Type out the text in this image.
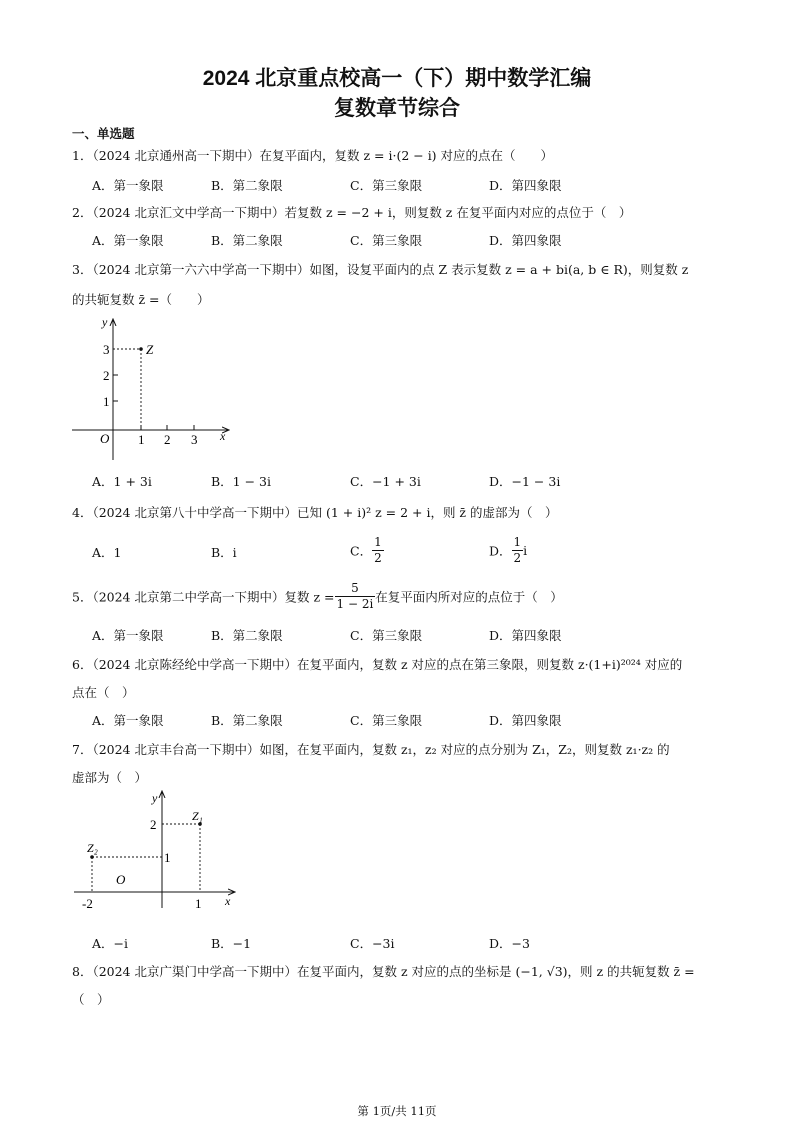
2024 北京重点校高一（下）期中数学汇编
复数章节综合
一、单选题
1．（2024 北京通州高一下期中）在复平面内，复数 z = i·(2 − i) 对应的点在（　　）
A．第一象限	B．第二象限	C．第三象限	D．第四象限
2．（2024 北京汇文中学高一下期中）若复数 z = −2 + i，则复数 z 在复平面内对应的点位于（　）
A．第一象限	B．第二象限	C．第三象限	D．第四象限
3．（2024 北京第一六六中学高一下期中）如图，设复平面内的点 Z 表示复数 z = a + bi(a, b ∈ R)，则复数 z
的共轭复数 z̄ =（　　）
y
x
O 1 2 3
1
2
3	Z
A．1 + 3i	B．1 − 3i	C．−1 + 3i	D．−1 − 3i
4．（2024 北京第八十中学高一下期中）已知 (1 + i)² z = 2 + i，则 z̄ 的虚部为（　）
A．1	B．i	C． $\frac{1}{2}$	D． $\frac{1}{2}$ i
5．（2024 北京第二中学高一下期中）复数 $z = \frac{5}{1 - 2i}$ 在复平面内所对应的点位于（　）
A．第一象限	B．第二象限	C．第三象限	D．第四象限
6．（2024 北京陈经纶中学高一下期中）在复平面内，复数 z 对应的点在第三象限，则复数 z·(1+i)²⁰²⁴ 对应的
点在（　）
A．第一象限	B．第二象限	C．第三象限	D．第四象限
7．（2024 北京丰台高一下期中）如图，在复平面内，复数 z₁，z₂ 对应的点分别为 Z₁，Z₂，则复数 z₁·z₂ 的
虚部为（　）
y
x
O
Z₁
Z₂
2
1
-2	1
A．−i	B．−1	C．−3i	D．−3
8．（2024 北京广渠门中学高一下期中）在复平面内，复数 z 对应的点的坐标是 (−1, √3)，则 z 的共轭复数 z̄ =
（　）
第 1页/共 11页
